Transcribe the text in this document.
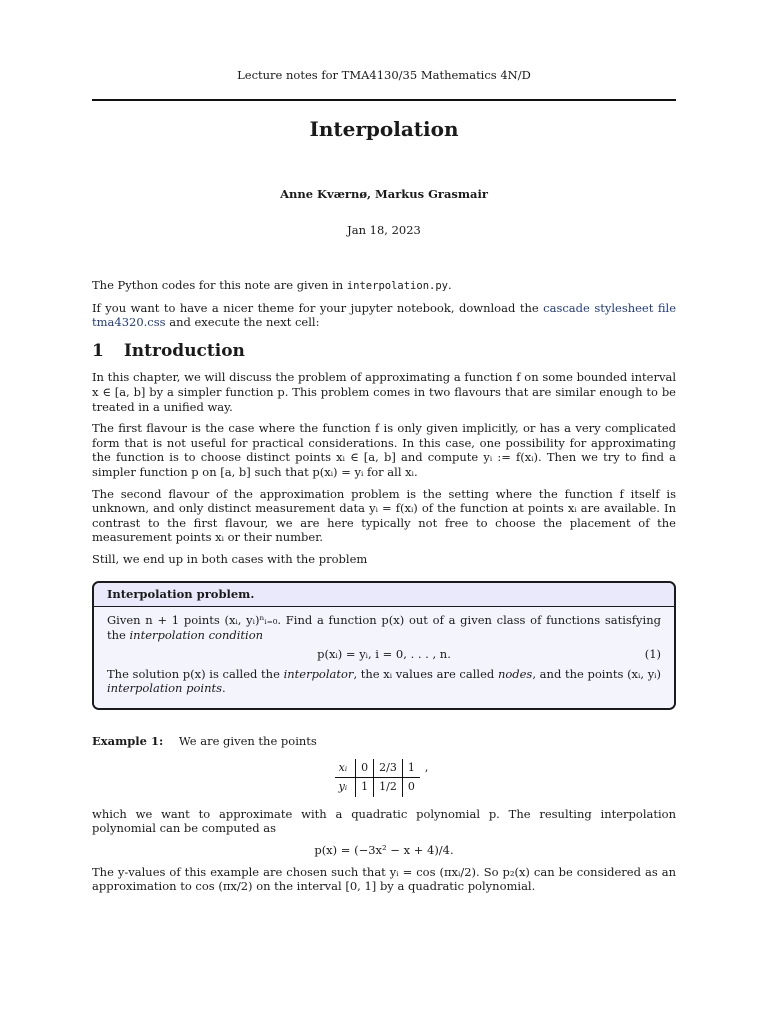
Lecture notes for TMA4130/35 Mathematics 4N/D
Interpolation
Anne Kværnø, Markus Grasmair
Jan 18, 2023

The Python codes for this note are given in interpolation.py.

If you want to have a nicer theme for your jupyter notebook, download the cascade stylesheet file tma4320.css and execute the next cell:

1 Introduction

In this chapter, we will discuss the problem of approximating a function f on some bounded interval x ∈ [a, b] by a simpler function p. This problem comes in two flavours that are similar enough to be treated in a unified way.

The first flavour is the case where the function f is only given implicitly, or has a very complicated form that is not useful for practical considerations. In this case, one possibility for approximating the function is to choose distinct points xᵢ ∈ [a, b] and compute yᵢ := f(xᵢ). Then we try to find a simpler function p on [a, b] such that p(xᵢ) = yᵢ for all xᵢ.

The second flavour of the approximation problem is the setting where the function f itself is unknown, and only distinct measurement data yᵢ = f(xᵢ) of the function at points xᵢ are available. In contrast to the first flavour, we are here typically not free to choose the placement of the measurement points xᵢ or their number.

Still, we end up in both cases with the problem

Interpolation problem.

Given n + 1 points (xᵢ, yᵢ)ⁿᵢ₌₀. Find a function p(x) out of a given class of functions satisfying the interpolation condition

p(xᵢ) = yᵢ, i = 0, . . . , n.	(1)

The solution p(x) is called the interpolator, the xᵢ values are called nodes, and the points (xᵢ, yᵢ) interpolation points.

Example 1: We are given the points

xᵢ	0	2/3	1	,
yᵢ	1	1/2	0	

which we want to approximate with a quadratic polynomial p. The resulting interpolation polynomial can be computed as

p(x) = (−3x² − x + 4)/4.

The y-values of this example are chosen such that yᵢ = cos (πxᵢ/2). So p₂(x) can be considered as an approximation to cos (πx/2) on the interval [0, 1] by a quadratic polynomial.
